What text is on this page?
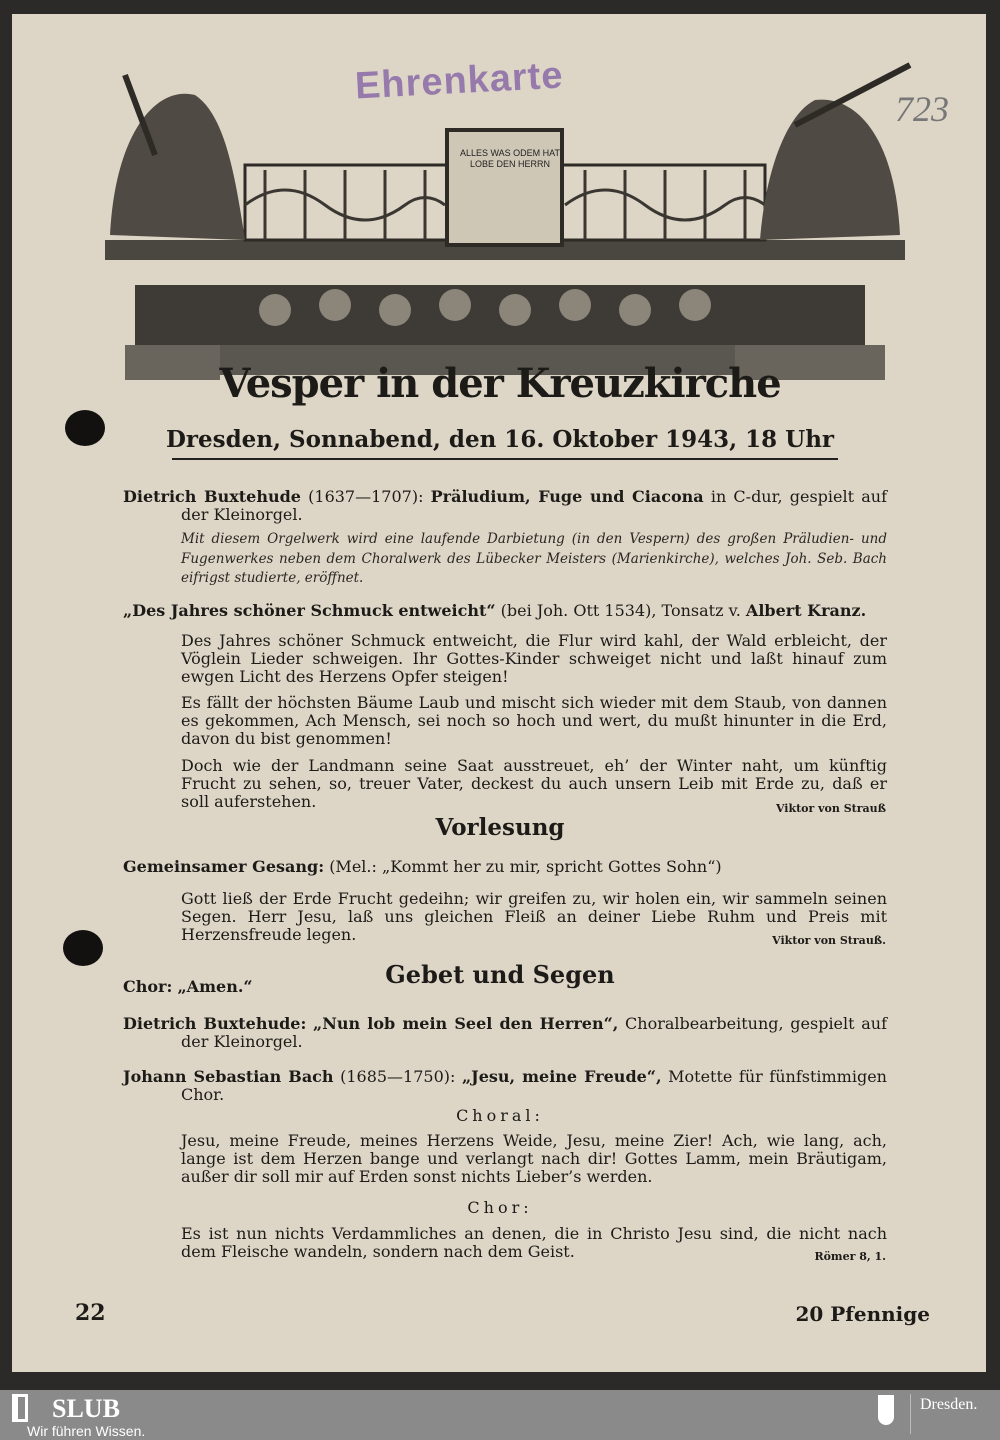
ALLES WAS ODEM HAT LOBE DEN HERRN
Ehrenkarte
723
Vesper in der Kreuzkirche
Dresden, Sonnabend, den 16. Oktober 1943, 18 Uhr
Dietrich Buxtehude (1637—1707): Präludium, Fuge und Ciacona in C-dur, gespielt auf der Kleinorgel.
Mit diesem Orgelwerk wird eine laufende Darbietung (in den Vespern) des großen Präludien- und Fugenwerkes neben dem Choralwerk des Lübecker Meisters (Marienkirche), welches Joh. Seb. Bach eifrigst studierte, eröffnet.
„Des Jahres schöner Schmuck entweicht“ (bei Joh. Ott 1534), Tonsatz v. Albert Kranz.
Des Jahres schöner Schmuck entweicht, die Flur wird kahl, der Wald erbleicht, der Vöglein Lieder schweigen. Ihr Gottes-Kinder schweiget nicht und laßt hinauf zum ewgen Licht des Herzens Opfer steigen!
Es fällt der höchsten Bäume Laub und mischt sich wieder mit dem Staub, von dannen es gekommen, Ach Mensch, sei noch so hoch und wert, du mußt hinunter in die Erd, davon du bist genommen!
Doch wie der Landmann seine Saat ausstreuet, eh’ der Winter naht, um künftig Frucht zu sehen, so, treuer Vater, deckest du auch unsern Leib mit Erde zu, daß er soll auferstehen.	Viktor von Strauß
Vorlesung
Gemeinsamer Gesang: (Mel.: „Kommt her zu mir, spricht Gottes Sohn“)
Gott ließ der Erde Frucht gedeihn; wir greifen zu, wir holen ein, wir sammeln seinen Segen. Herr Jesu, laß uns gleichen Fleiß an deiner Liebe Ruhm und Preis mit Herzensfreude legen.	Viktor von Strauß.
Gebet und Segen
Chor: „Amen.“
Dietrich Buxtehude: „Nun lob mein Seel den Herren“, Choralbearbeitung, gespielt auf der Kleinorgel.
Johann Sebastian Bach (1685—1750): „Jesu, meine Freude“, Motette für fünfstimmigen Chor.
Choral:
Jesu, meine Freude, meines Herzens Weide, Jesu, meine Zier! Ach, wie lang, ach, lange ist dem Herzen bange und verlangt nach dir! Gottes Lamm, mein Bräutigam, außer dir soll mir auf Erden sonst nichts Lieber’s werden.
Chor:
Es ist nun nichts Verdammliches an denen, die in Christo Jesu sind, die nicht nach dem Fleische wandeln, sondern nach dem Geist.	Römer 8, 1.
22	20 Pfennige
SLUB
Wir führen Wissen.
Dresden.
